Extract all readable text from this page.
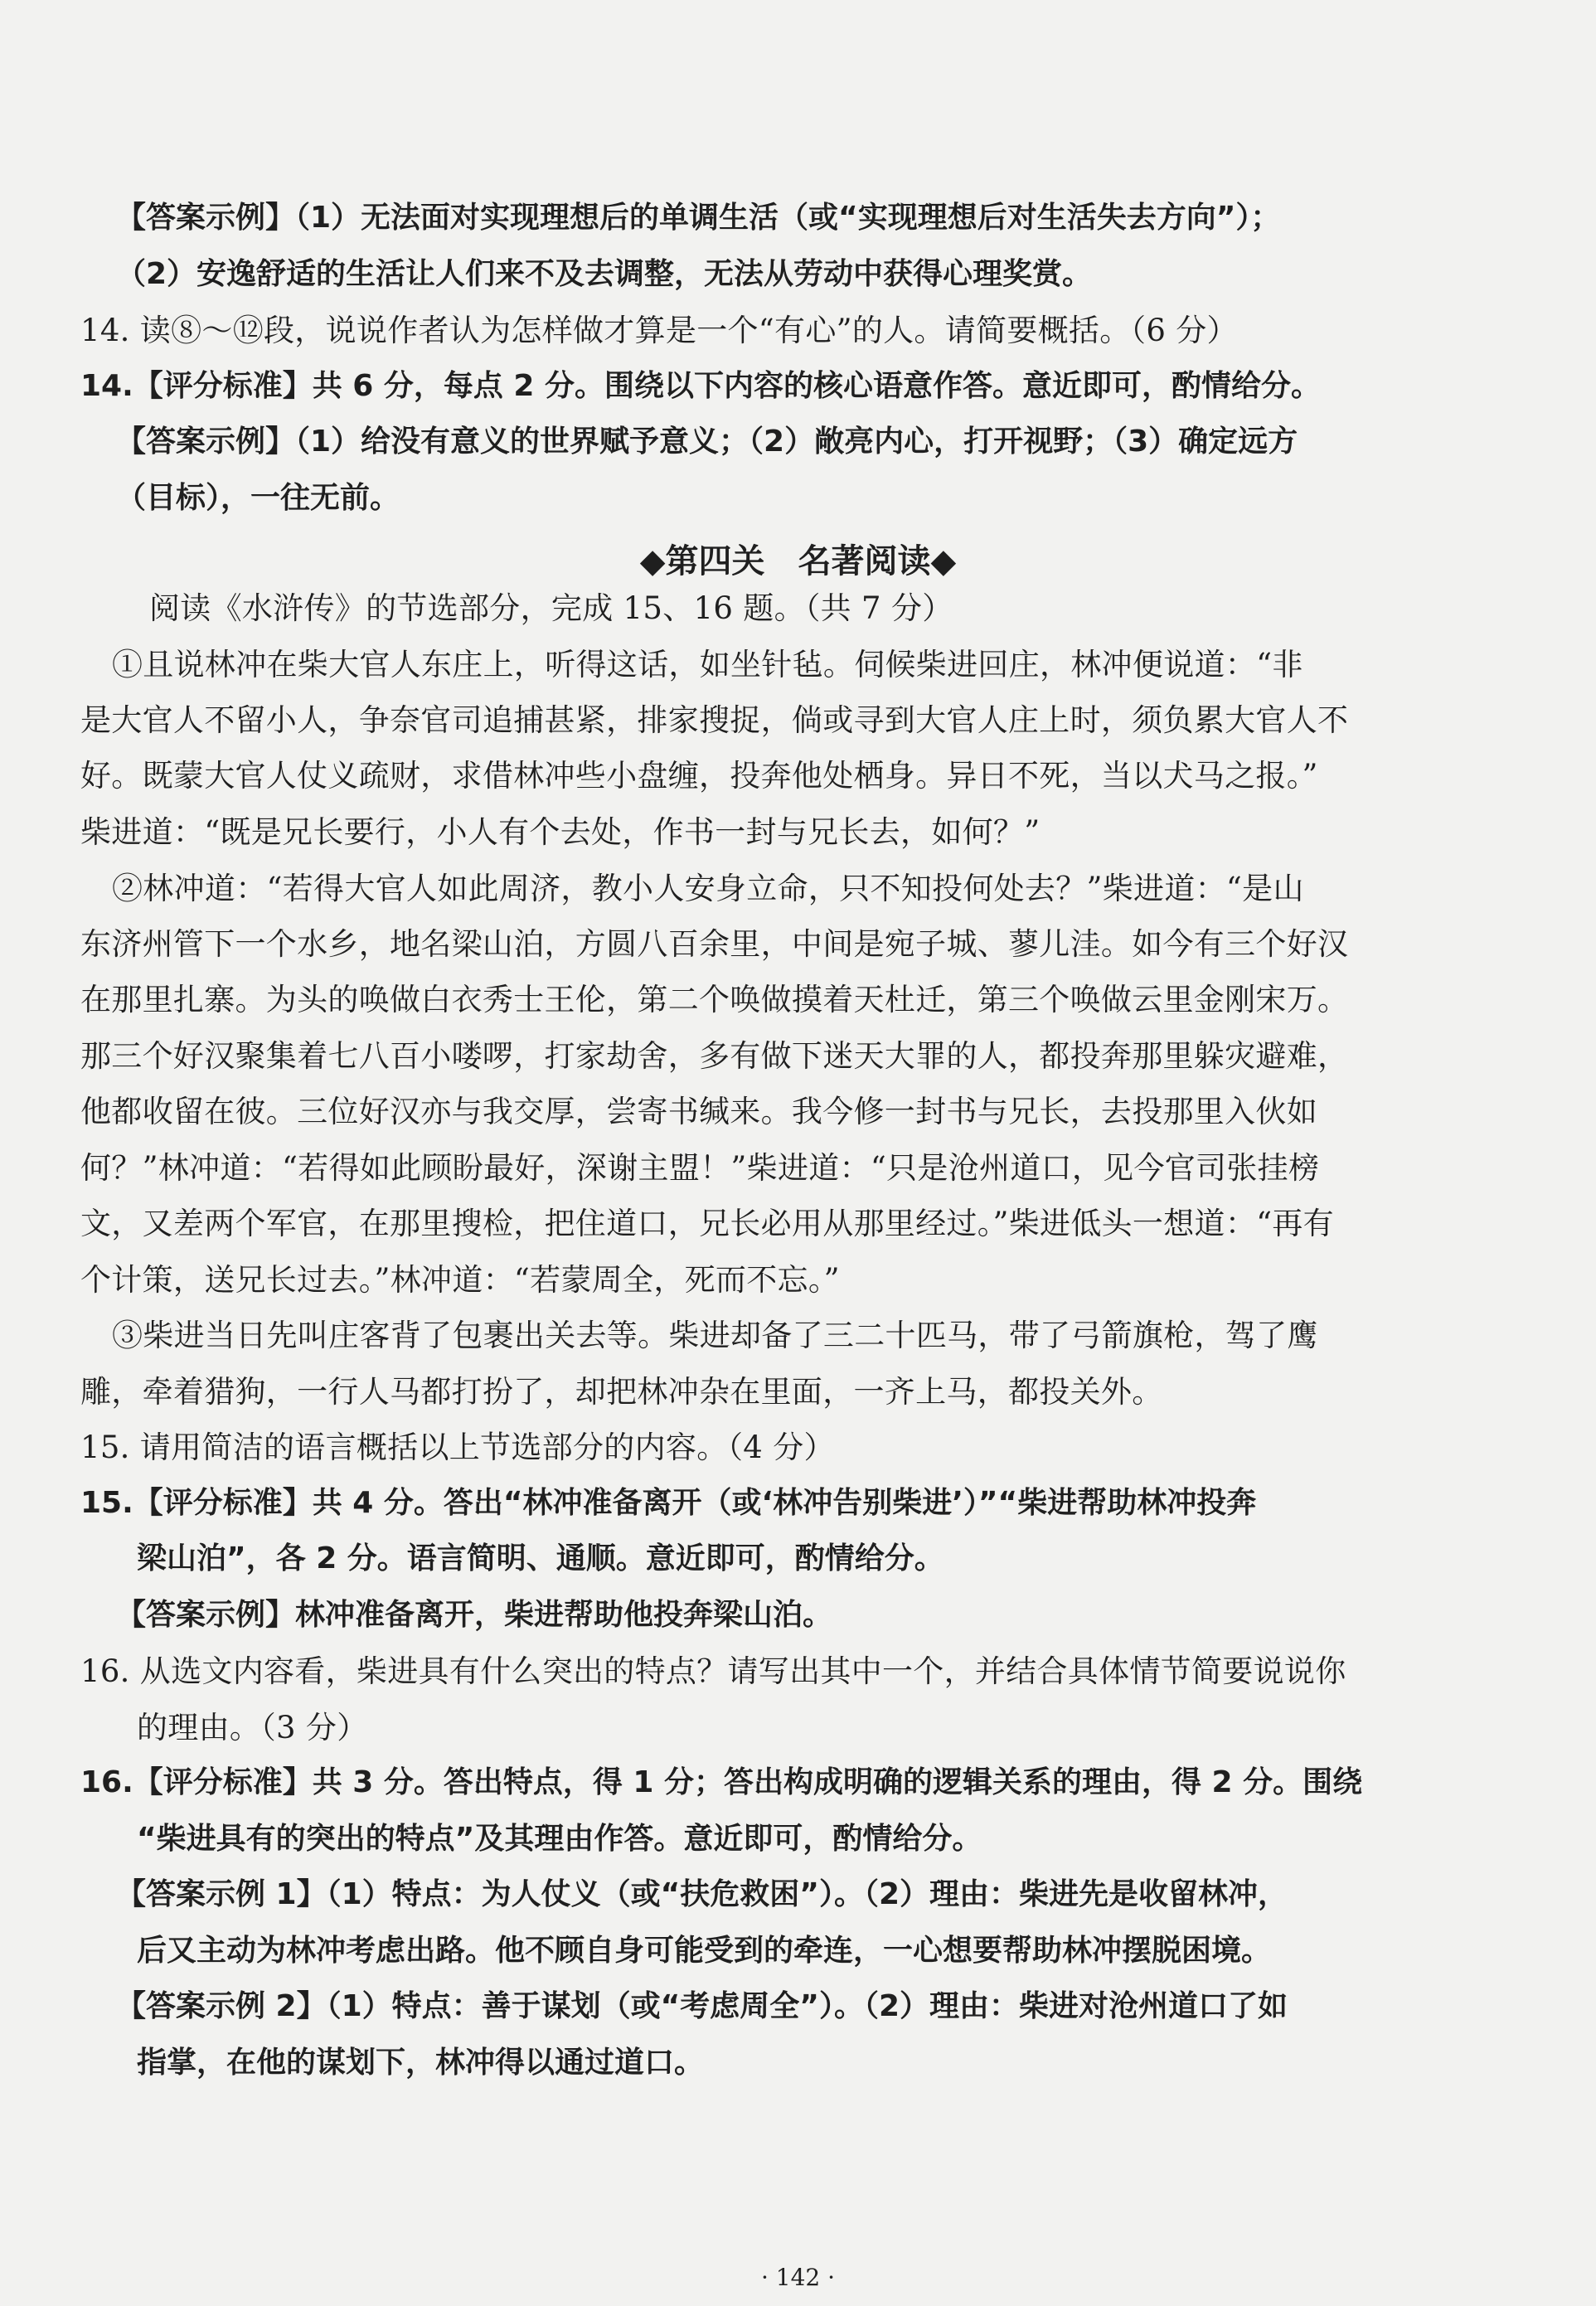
【答案示例】（1）无法面对实现理想后的单调生活（或“实现理想后对生活失去方向”）；
（2）安逸舒适的生活让人们来不及去调整，无法从劳动中获得心理奖赏。
14. 读⑧～⑫段，说说作者认为怎样做才算是一个“有心”的人。请简要概括。（6 分）
14.【评分标准】共 6 分，每点 2 分。围绕以下内容的核心语意作答。意近即可，酌情给分。
【答案示例】（1）给没有意义的世界赋予意义；（2）敞亮内心，打开视野；（3）确定远方
（目标），一往无前。
◆第四关　名著阅读◆
阅读《水浒传》的节选部分，完成 15、16 题。（共 7 分）
①且说林冲在柴大官人东庄上，听得这话，如坐针毡。伺候柴进回庄，林冲便说道：“非
是大官人不留小人，争奈官司追捕甚紧，排家搜捉，倘或寻到大官人庄上时，须负累大官人不
好。既蒙大官人仗义疏财，求借林冲些小盘缠，投奔他处栖身。异日不死，当以犬马之报。”
柴进道：“既是兄长要行，小人有个去处，作书一封与兄长去，如何？”
②林冲道：“若得大官人如此周济，教小人安身立命，只不知投何处去？”柴进道：“是山
东济州管下一个水乡，地名梁山泊，方圆八百余里，中间是宛子城、蓼儿洼。如今有三个好汉
在那里扎寨。为头的唤做白衣秀士王伦，第二个唤做摸着天杜迁，第三个唤做云里金刚宋万。
那三个好汉聚集着七八百小喽啰，打家劫舍，多有做下迷天大罪的人，都投奔那里躲灾避难，
他都收留在彼。三位好汉亦与我交厚，尝寄书缄来。我今修一封书与兄长，去投那里入伙如
何？”林冲道：“若得如此顾盼最好，深谢主盟！”柴进道：“只是沧州道口，见今官司张挂榜
文，又差两个军官，在那里搜检，把住道口，兄长必用从那里经过。”柴进低头一想道：“再有
个计策，送兄长过去。”林冲道：“若蒙周全，死而不忘。”
③柴进当日先叫庄客背了包裹出关去等。柴进却备了三二十匹马，带了弓箭旗枪，驾了鹰
雕，牵着猎狗，一行人马都打扮了，却把林冲杂在里面，一齐上马，都投关外。
15. 请用简洁的语言概括以上节选部分的内容。（4 分）
15.【评分标准】共 4 分。答出“林冲准备离开（或‘林冲告别柴进’）”“柴进帮助林冲投奔
梁山泊”，各 2 分。语言简明、通顺。意近即可，酌情给分。
【答案示例】林冲准备离开，柴进帮助他投奔梁山泊。
16. 从选文内容看，柴进具有什么突出的特点？请写出其中一个，并结合具体情节简要说说你
的理由。（3 分）
16.【评分标准】共 3 分。答出特点，得 1 分；答出构成明确的逻辑关系的理由，得 2 分。围绕
“柴进具有的突出的特点”及其理由作答。意近即可，酌情给分。
【答案示例 1】（1）特点：为人仗义（或“扶危救困”）。（2）理由：柴进先是收留林冲，
后又主动为林冲考虑出路。他不顾自身可能受到的牵连，一心想要帮助林冲摆脱困境。
【答案示例 2】（1）特点：善于谋划（或“考虑周全”）。（2）理由：柴进对沧州道口了如
指掌，在他的谋划下，林冲得以通过道口。
· 142 ·
